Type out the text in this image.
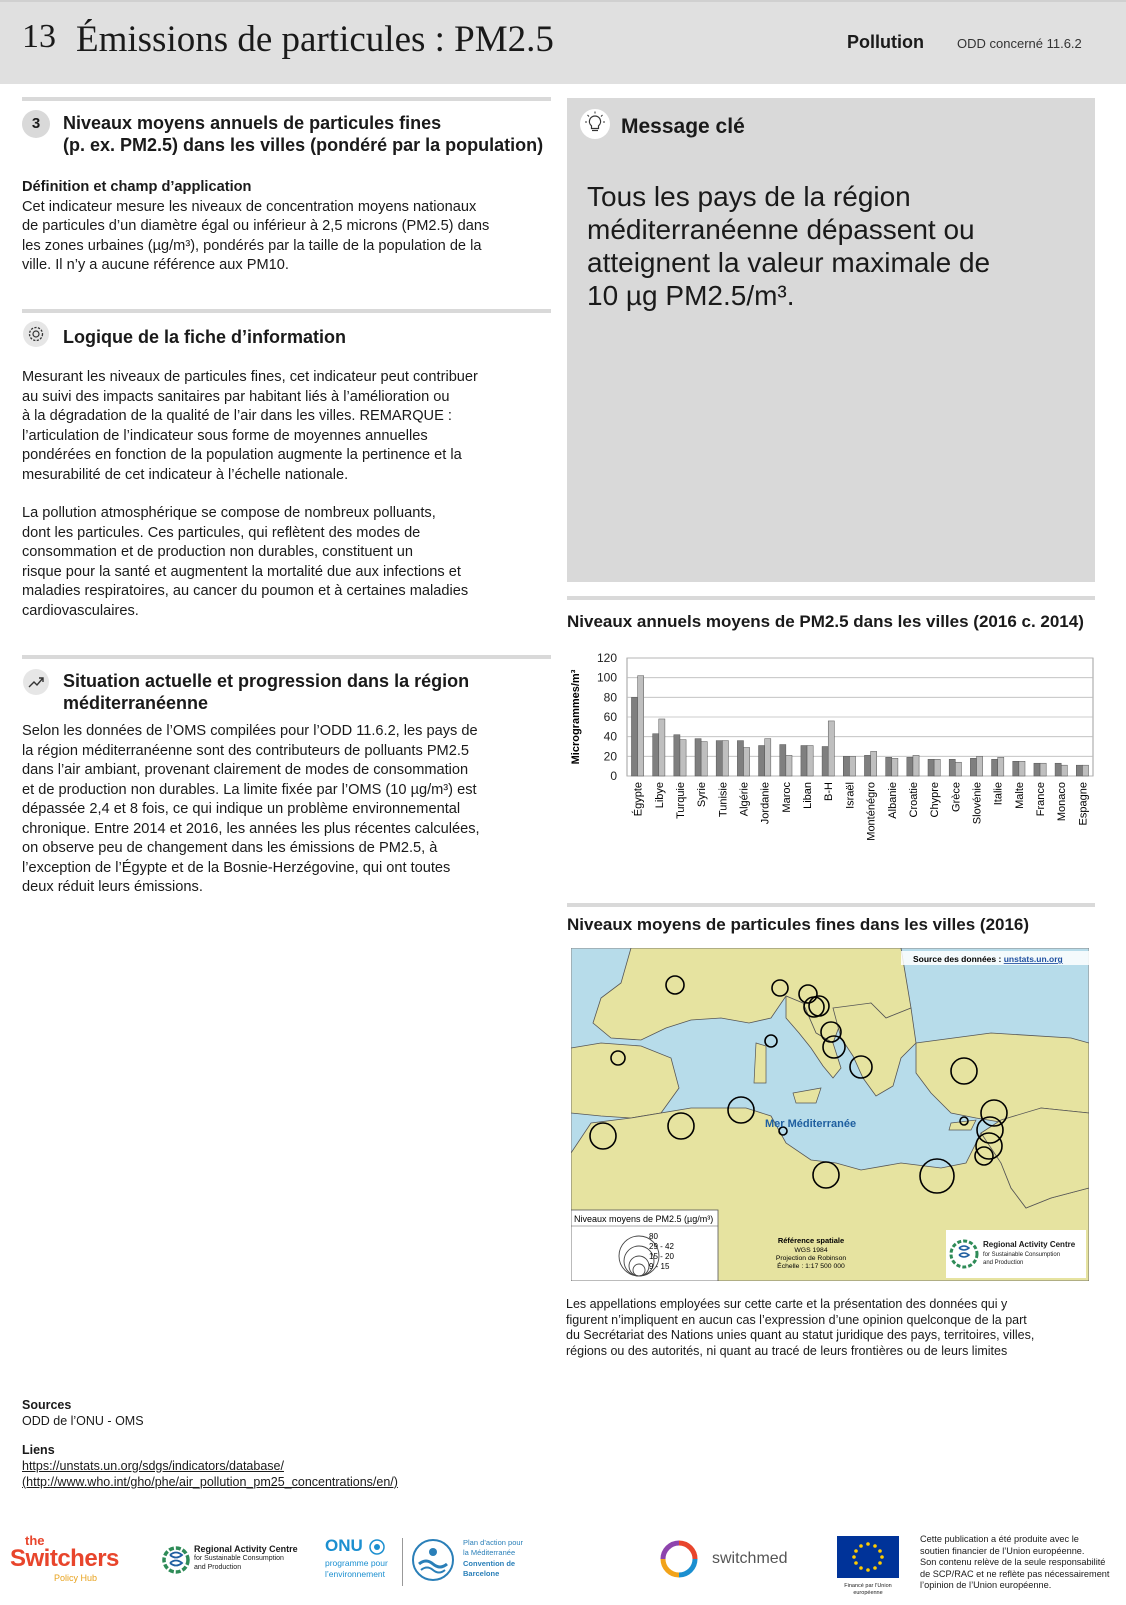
13 Émissions de particules : PM2.5	Pollution	ODD concerné 11.6.2
3	Niveaux moyens annuels de particules fines
(p. ex. PM2.5) dans les villes (pondéré par la population)
Définition et champ d’application
Cet indicateur mesure les niveaux de concentration moyens nationaux
de particules d’un diamètre égal ou inférieur à 2,5 microns (PM2.5) dans
les zones urbaines (µg/m³), pondérés par la taille de la population de la
ville. Il n’y a aucune référence aux PM10.
Logique de la fiche d’information
Mesurant les niveaux de particules fines, cet indicateur peut contribuer
au suivi des impacts sanitaires par habitant liés à l’amélioration ou
à la dégradation de la qualité de l’air dans les villes. REMARQUE :
l’articulation de l’indicateur sous forme de moyennes annuelles
pondérées en fonction de la population augmente la pertinence et la
mesurabilité de cet indicateur à l’échelle nationale.
La pollution atmosphérique se compose de nombreux polluants,
dont les particules. Ces particules, qui reflètent des modes de
consommation et de production non durables, constituent un
risque pour la santé et augmentent la mortalité due aux infections et
maladies respiratoires, au cancer du poumon et à certaines maladies
cardiovasculaires.
Situation actuelle et progression dans la région
méditerranéenne
Selon les données de l’OMS compilées pour l’ODD 11.6.2, les pays de
la région méditerranéenne sont des contributeurs de polluants PM2.5
dans l’air ambiant, provenant clairement de modes de consommation
et de production non durables. La limite fixée par l’OMS (10 µg/m³) est
dépassée 2,4 et 8 fois, ce qui indique un problème environnemental
chronique. Entre 2014 et 2016, les années les plus récentes calculées,
on observe peu de changement dans les émissions de PM2.5, à
l’exception de l’Égypte et de la Bosnie-Herzégovine, qui ont toutes
deux réduit leurs émissions.
Message clé
Tous les pays de la région
méditerranéenne dépassent ou
atteignent la valeur maximale de
10 µg PM2.5/m³.
Niveaux annuels moyens de PM2.5 dans les villes (2016 c. 2014)
0
20
40
60
80
100
120
Microgrammes/m³
Égypte Libye Turquie Syrie Tunisie Algérie Jordanie Maroc Liban B-H Israël Monténégro Albanie Croatie Chypre Grèce Slovénie Italie Malte France Monaco Espagne
Niveaux moyens de particules fines dans les villes (2016)
Source des données : unstats.un.org
Mer Méditerranée
Niveaux moyens de PM2.5 (µg/m³)
80
29 - 42
15 - 20
9 - 15
Référence spatiale
WGS 1984
Projection de Robinson
Échelle : 1:17 500 000
Regional Activity Centre
for Sustainable Consumption
and Production
Les appellations employées sur cette carte et la présentation des données qui y
figurent n’impliquent en aucun cas l’expression d’une opinion quelconque de la part
du Secrétariat des Nations unies quant au statut juridique des pays, territoires, villes,
régions ou des autorités, ni quant au tracé de leurs frontières ou de leurs limites
Sources
ODD de l’ONU - OMS
Liens
https://unstats.un.org/sdgs/indicators/database/
(http://www.who.int/gho/phe/air_pollution_pm25_concentrations/en/)
the
Switchers
Policy Hub
Regional Activity Centre
for Sustainable Consumption
and Production
ONU
programme pour
l’environnement
Plan d’action pour
la Méditerranée
Convention de
Barcelone
switchmed
Financé par l’Union européenne
Cette publication a été produite avec le
soutien financier de l’Union européenne.
Son contenu relève de la seule responsabilité
de SCP/RAC et ne reflète pas nécessairement
l’opinion de l’Union européenne.
